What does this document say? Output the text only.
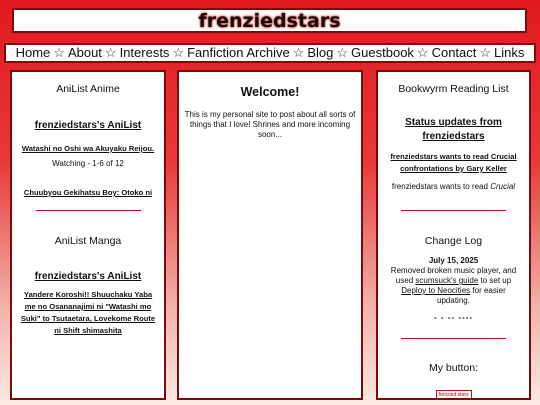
frenziedstars
Home ☆ About ☆ Interests ☆ Fanfiction Archive ☆ Blog ☆ Guestbook ☆ Contact ☆ Links
AniList Anime
frenziedstars's AniList
Watashi no Oshi wa Akuyaku Reijou.
Watching - 1-6 of 12
Chuubyou Gekihatsu Boy: Otoko ni
AniList Manga
frenziedstars's AniList
Yandere Koroshi!! Shuuchaku Yaba me no Osananajimi ni "Watashi mo Suki" to Tsutaetara, Lovekome Route ni Shift shimashita
Welcome!
This is my personal site to post about all sorts of things that I love! Shrines and more incoming soon...
Bookwyrm Reading List
Status updates from frenziedstars
frenziedstars wants to read Crucial confrontations by Gary Keller
frenziedstars wants to read Crucial
Change Log
July 15, 2025
Removed broken music player, and used scumsuck's guide to set up Deploy to Neocities for easier updating.
- - -- ----
My button:
frenzied stars
